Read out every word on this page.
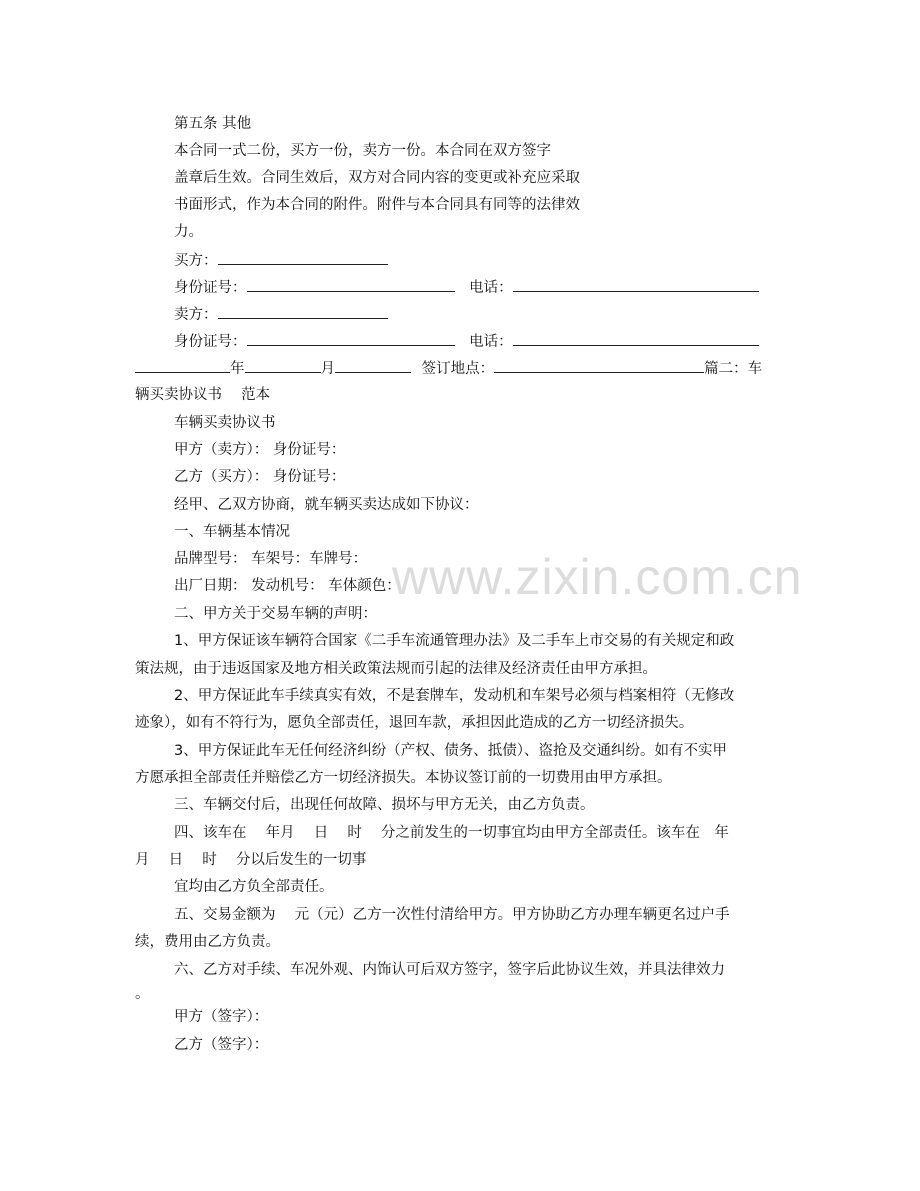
www.zixin.com.cn
第五条 其他
本合同一式二份，买方一份，卖方一份。本合同在双方签字
盖章后生效。合同生效后，双方对合同内容的变更或补充应采取
书面形式，作为本合同的附件。附件与本合同具有同等的法律效
力。
买方：
身份证号：	电话：
卖方：
身份证号：	电话：
年	月	签订地点：	篇二：车
辆买卖协议书　 范本
车辆买卖协议书
甲方（卖方）： 身份证号：
乙方（买方）： 身份证号：
经甲、乙双方协商，就车辆买卖达成如下协议：
一、车辆基本情况
品牌型号： 车架号：车牌号：
出厂日期： 发动机号： 车体颜色：
二、甲方关于交易车辆的声明：
1、甲方保证该车辆符合国家《二手车流通管理办法》及二手车上市交易的有关规定和政
策法规，由于违返国家及地方相关政策法规而引起的法律及经济责任由甲方承担。
2、甲方保证此车手续真实有效，不是套牌车，发动机和车架号必须与档案相符（无修改
迹象），如有不符行为，愿负全部责任，退回车款，承担因此造成的乙方一切经济损失。
3、甲方保证此车无任何经济纠纷（产权、债务、抵债）、盗抢及交通纠纷。如有不实甲
方愿承担全部责任并赔偿乙方一切经济损失。本协议签订前的一切费用由甲方承担。
三、车辆交付后，出现任何故障、损坏与甲方无关，由乙方负责。
四、该车在　 年月　 日　 时　 分之前发生的一切事宜均由甲方全部责任。该车在　年
月　 日　 时　 分以后发生的一切事
宜均由乙方负全部责任。
五、交易金额为　 元（元）乙方一次性付清给甲方。甲方协助乙方办理车辆更名过户手
续，费用由乙方负责。
六、乙方对手续、车况外观、内饰认可后双方签字，签字后此协议生效，并具法律效力
。
甲方（签字）：
乙方（签字）：
